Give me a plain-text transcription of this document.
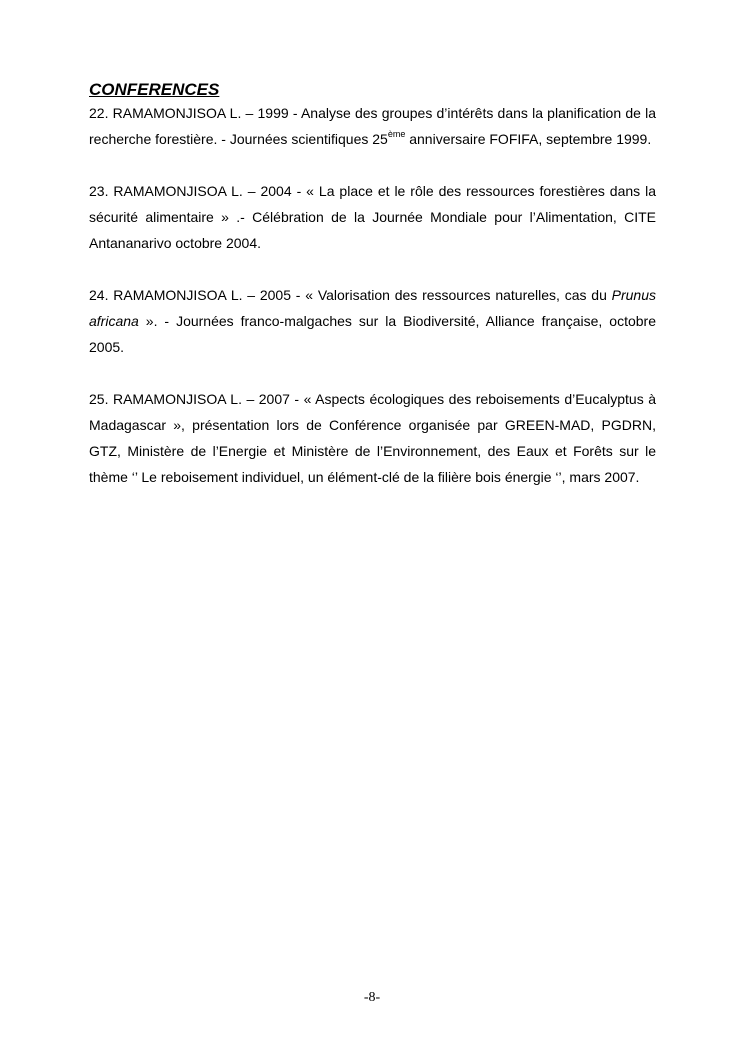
CONFERENCES

22. RAMAMONJISOA L. – 1999 - Analyse des groupes d’intérêts dans la planification de la recherche forestière. - Journées scientifiques 25ème anniversaire FOFIFA, septembre 1999.

23. RAMAMONJISOA L. – 2004 - « La place et le rôle des ressources forestières dans la sécurité alimentaire » .- Célébration de la Journée Mondiale pour l’Alimentation, CITE Antananarivo octobre 2004.

24. RAMAMONJISOA L. – 2005 - « Valorisation des ressources naturelles, cas du Prunus africana ». - Journées franco-malgaches sur la Biodiversité, Alliance française, octobre 2005.

25. RAMAMONJISOA L. – 2007 - « Aspects écologiques des reboisements d’Eucalyptus à Madagascar », présentation lors de Conférence organisée par GREEN-MAD, PGDRN, GTZ, Ministère de l’Energie et Ministère de l’Environnement, des Eaux et Forêts sur le thème ‘’ Le reboisement individuel, un élément-clé de la filière bois énergie ‘’, mars 2007.

-8-
